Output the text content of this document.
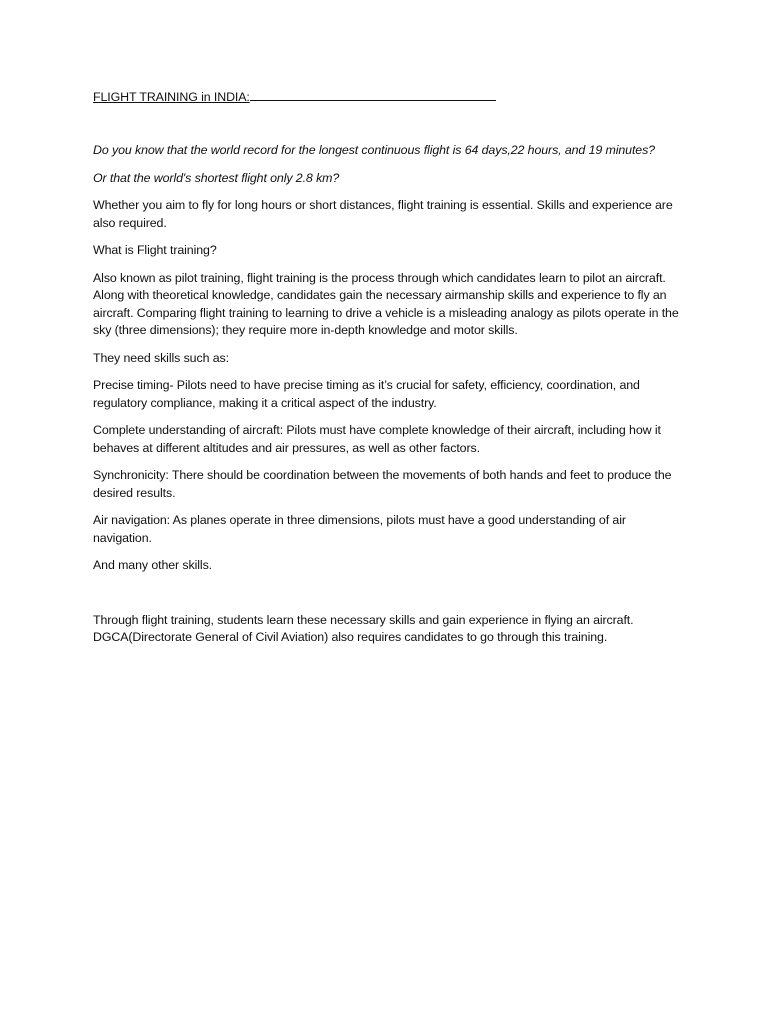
FLIGHT TRAINING in INDIA:

Do you know that the world record for the longest continuous flight is 64 days,22 hours, and 19 minutes?

Or that the world's shortest flight only 2.8 km?

Whether you aim to fly for long hours or short distances, flight training is essential. Skills and experience are also required.

What is Flight training?

Also known as pilot training, flight training is the process through which candidates learn to pilot an aircraft. Along with theoretical knowledge, candidates gain the necessary airmanship skills and experience to fly an aircraft. Comparing flight training to learning to drive a vehicle is a misleading analogy as pilots operate in the sky (three dimensions); they require more in-depth knowledge and motor skills.

They need skills such as:

Precise timing- Pilots need to have precise timing as it’s crucial for safety, efficiency, coordination, and regulatory compliance, making it a critical aspect of the industry.

Complete understanding of aircraft: Pilots must have complete knowledge of their aircraft, including how it behaves at different altitudes and air pressures, as well as other factors.

Synchronicity: There should be coordination between the movements of both hands and feet to produce the desired results.

Air navigation: As planes operate in three dimensions, pilots must have a good understanding of air navigation.

And many other skills.

Through flight training, students learn these necessary skills and gain experience in flying an aircraft. DGCA(Directorate General of Civil Aviation) also requires candidates to go through this training.
